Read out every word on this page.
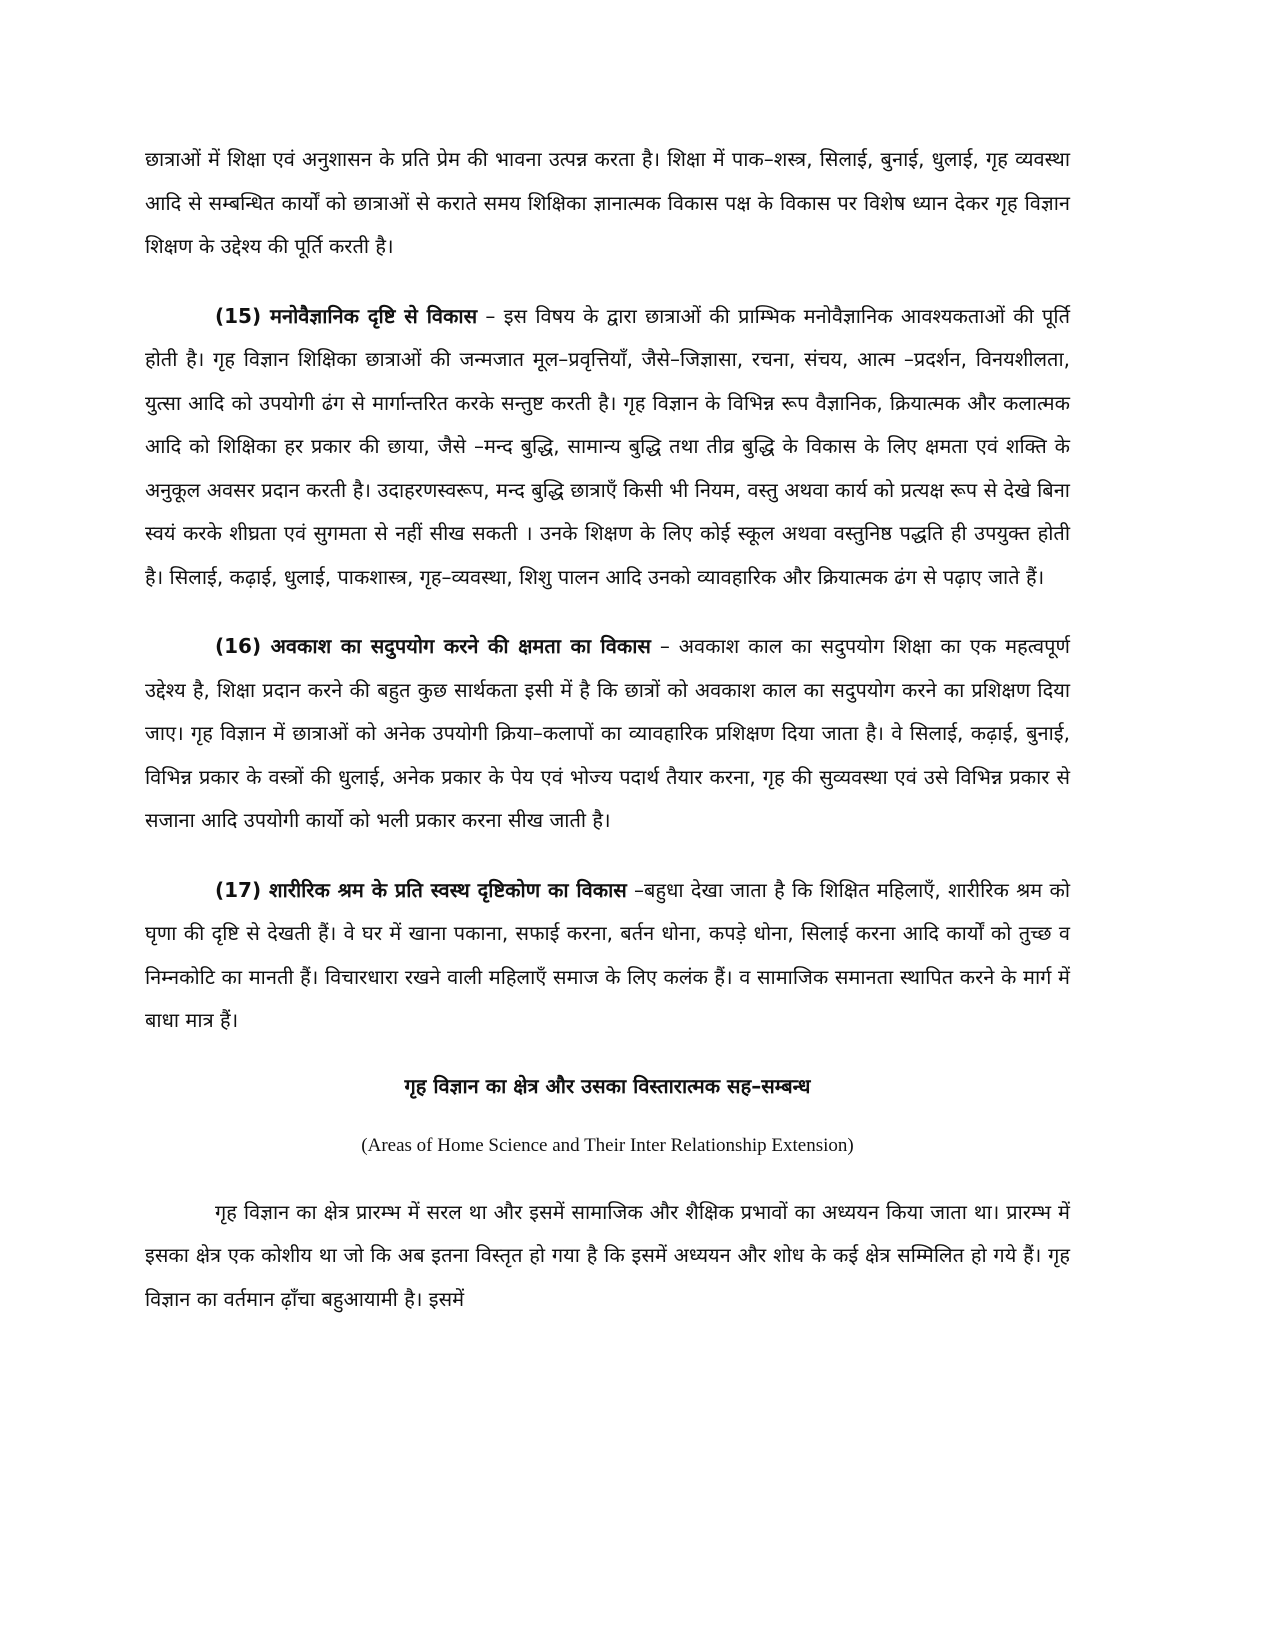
छात्राओं में शिक्षा एवं अनुशासन के प्रति प्रेम की भावना उत्पन्न करता है। शिक्षा में पाक–शस्त्र, सिलाई, बुनाई, धुलाई, गृह व्यवस्था आदि से सम्बन्धित कार्यों को छात्राओं से कराते समय शिक्षिका ज्ञानात्मक विकास पक्ष के विकास पर विशेष ध्यान देकर गृह विज्ञान शिक्षण के उद्देश्य की पूर्ति करती है।

(15) मनोवैज्ञानिक दृष्टि से विकास – इस विषय के द्वारा छात्राओं की प्राम्भिक मनोवैज्ञानिक आवश्यकताओं की पूर्ति होती है। गृह विज्ञान शिक्षिका छात्राओं की जन्मजात मूल–प्रवृत्तियाँ, जैसे–जिज्ञासा, रचना, संचय, आत्म –प्रदर्शन, विनयशीलता, युत्सा आदि को उपयोगी ढंग से मार्गान्तरित करके सन्तुष्ट करती है। गृह विज्ञान के विभिन्न रूप वैज्ञानिक, क्रियात्मक और कलात्मक आदि को शिक्षिका हर प्रकार की छाया, जैसे –मन्द बुद्धि, सामान्य बुद्धि तथा तीव्र बुद्धि के विकास के लिए क्षमता एवं शक्ति के अनुकूल अवसर प्रदान करती है। उदाहरणस्वरूप, मन्द बुद्धि छात्राएँ किसी भी नियम, वस्तु अथवा कार्य को प्रत्यक्ष रूप से देखे बिना स्वयं करके शीघ्रता एवं सुगमता से नहीं सीख सकती । उनके शिक्षण के लिए कोई स्कूल अथवा वस्तुनिष्ठ पद्धति ही उपयुक्त होती है। सिलाई, कढ़ाई, धुलाई, पाकशास्त्र, गृह–व्यवस्था, शिशु पालन आदि उनको व्यावहारिक और क्रियात्मक ढंग से पढ़ाए जाते हैं।

(16) अवकाश का सदुपयोग करने की क्षमता का विकास – अवकाश काल का सदुपयोग शिक्षा का एक महत्वपूर्ण उद्देश्य है, शिक्षा प्रदान करने की बहुत कुछ सार्थकता इसी में है कि छात्रों को अवकाश काल का सदुपयोग करने का प्रशिक्षण दिया जाए। गृह विज्ञान में छात्राओं को अनेक उपयोगी क्रिया–कलापों का व्यावहारिक प्रशिक्षण दिया जाता है। वे सिलाई, कढ़ाई, बुनाई, विभिन्न प्रकार के वस्त्रों की धुलाई, अनेक प्रकार के पेय एवं भोज्य पदार्थ तैयार करना, गृह की सुव्यवस्था एवं उसे विभिन्न प्रकार से सजाना आदि उपयोगी कार्यो को भली प्रकार करना सीख जाती है।

(17) शारीरिक श्रम के प्रति स्वस्थ दृष्टिकोण का विकास –बहुधा देखा जाता है कि शिक्षित महिलाएँ, शारीरिक श्रम को घृणा की दृष्टि से देखती हैं। वे घर में खाना पकाना, सफाई करना, बर्तन धोना, कपड़े धोना, सिलाई करना आदि कार्यों को तुच्छ व निम्नकोटि का मानती हैं। विचारधारा रखने वाली महिलाएँ समाज के लिए कलंक हैं। व सामाजिक समानता स्थापित करने के मार्ग में बाधा मात्र हैं।

गृह विज्ञान का क्षेत्र और उसका विस्तारात्मक सह–सम्बन्ध
(Areas of Home Science and Their Inter Relationship Extension)

गृह विज्ञान का क्षेत्र प्रारम्भ में सरल था और इसमें सामाजिक और शैक्षिक प्रभावों का अध्ययन किया जाता था। प्रारम्भ में इसका क्षेत्र एक कोशीय था जो कि अब इतना विस्तृत हो गया है कि इसमें अध्ययन और शोध के कई क्षेत्र सम्मिलित हो गये हैं। गृह विज्ञान का वर्तमान ढ़ाँचा बहुआयामी है। इसमें
